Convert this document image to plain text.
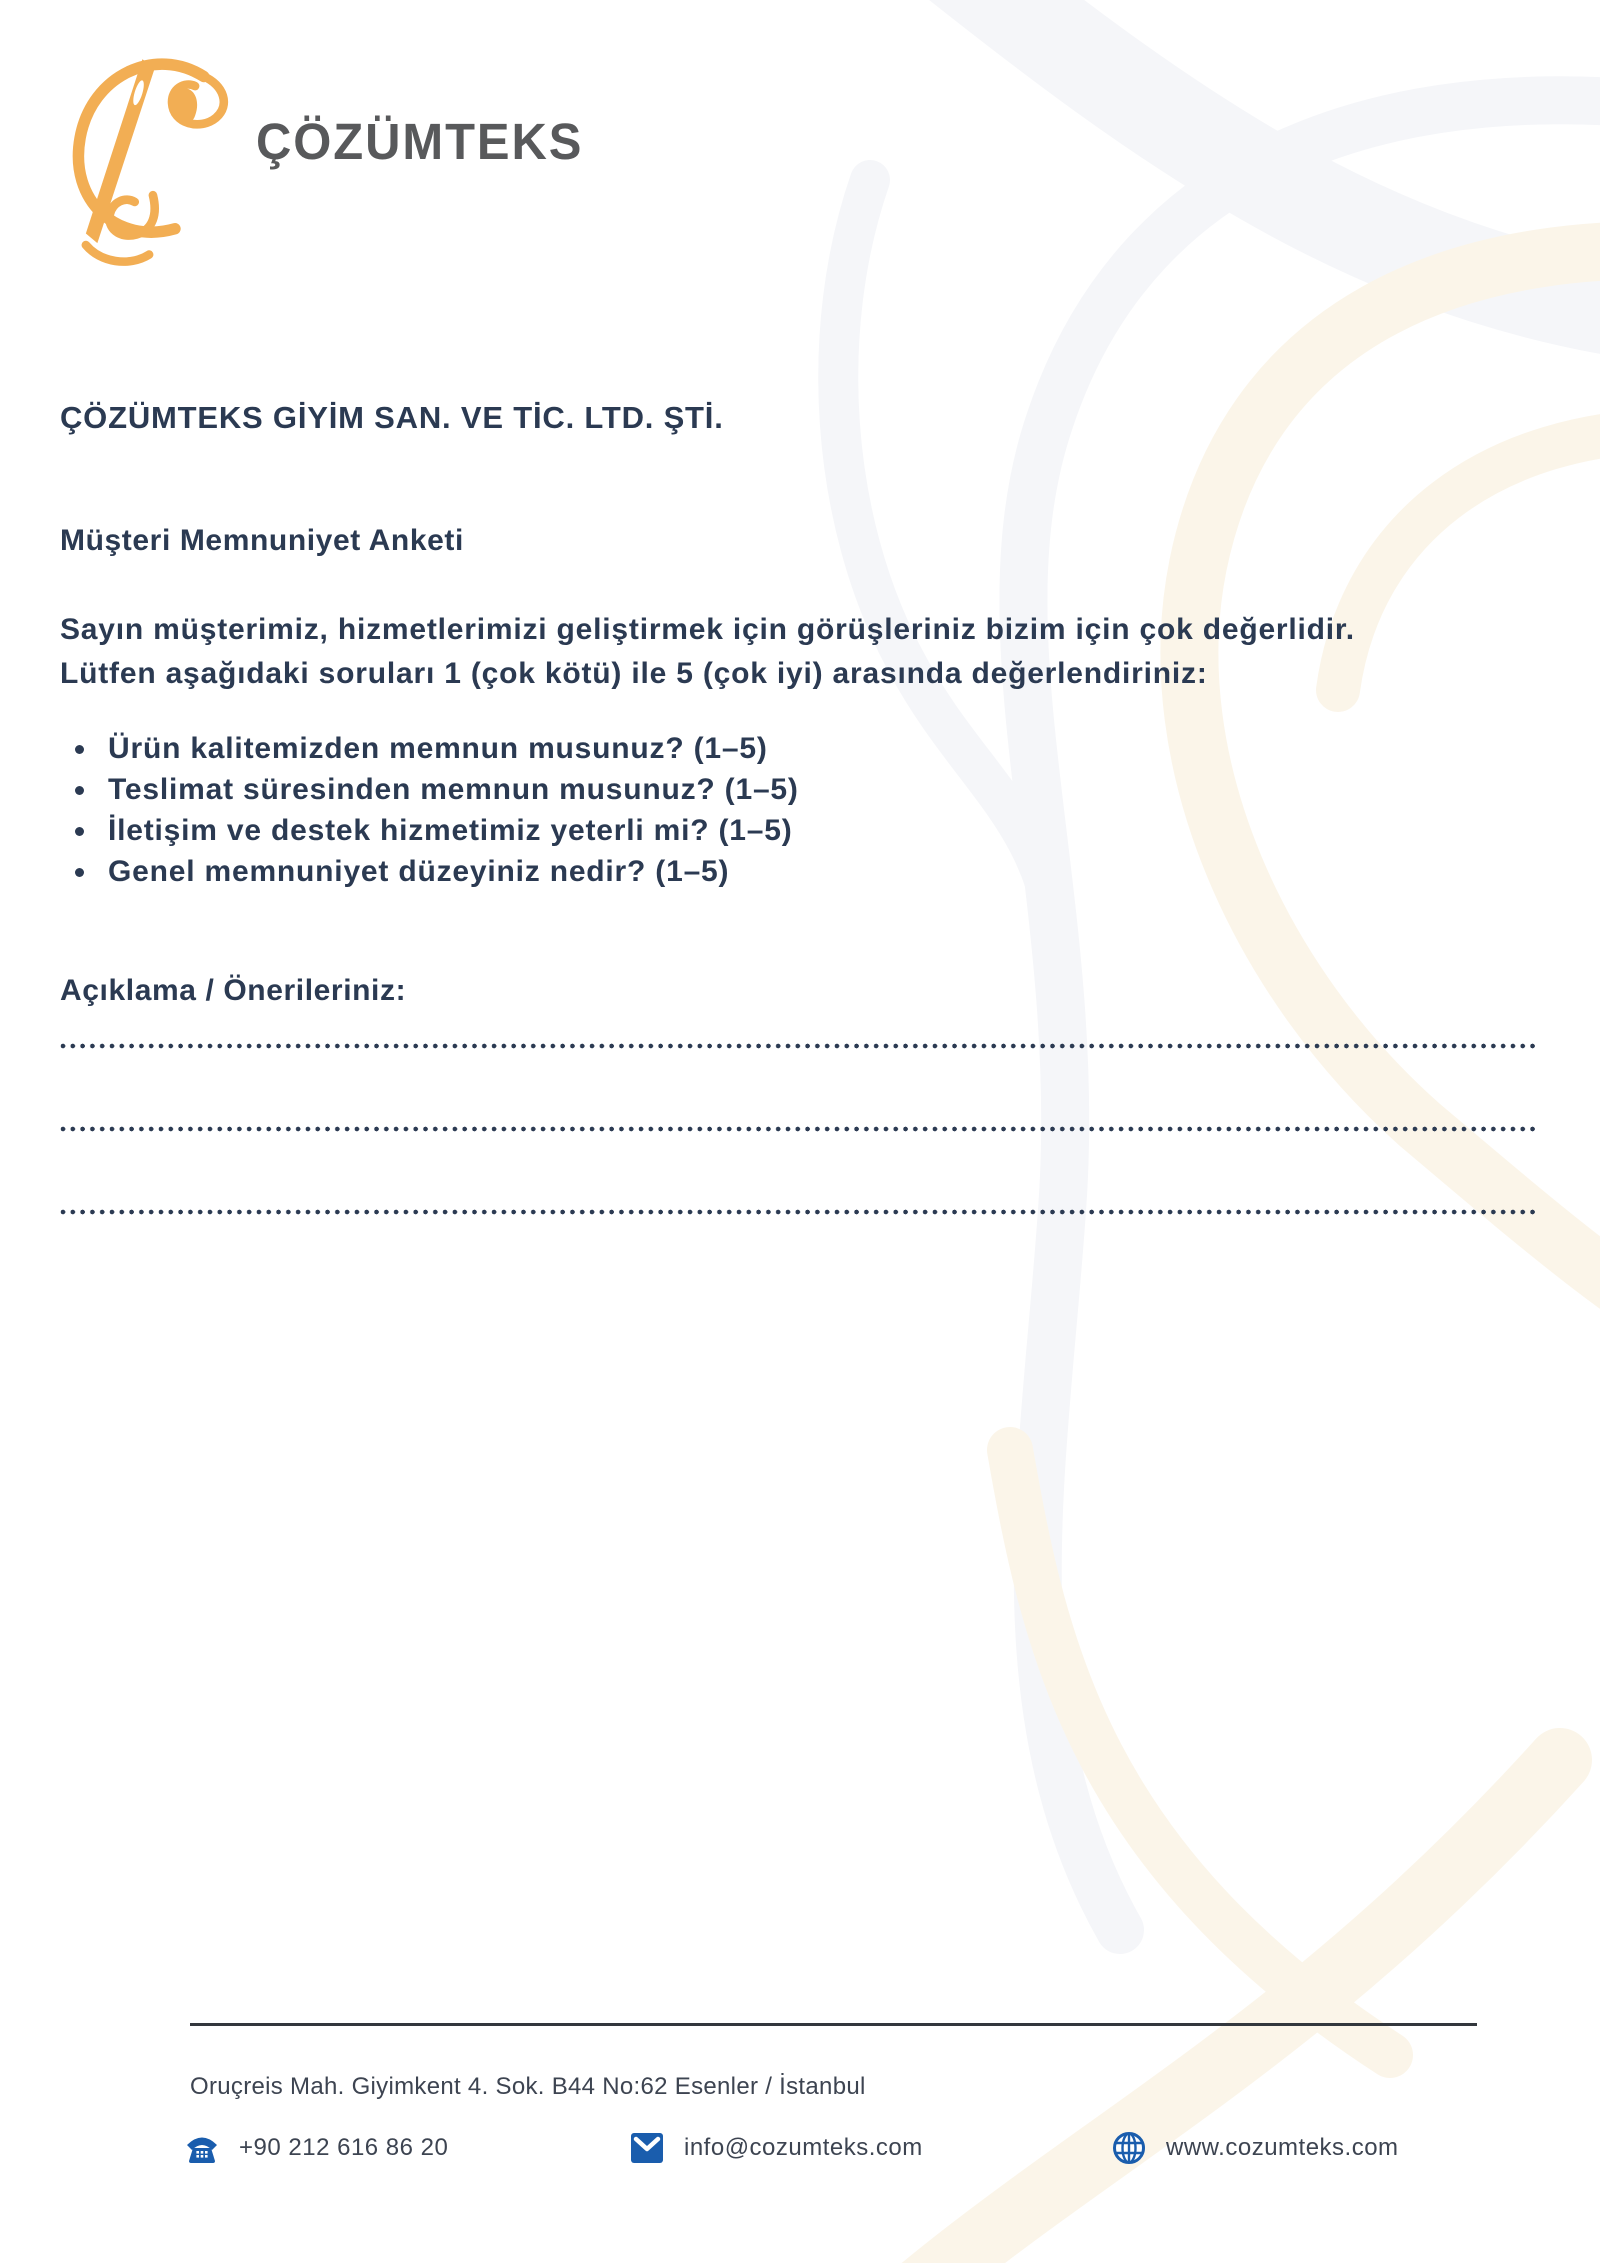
ÇÖZÜMTEKS
ÇÖZÜMTEKS GİYİM SAN. VE TİC. LTD. ŞTİ.
Müşteri Memnuniyet Anketi

Sayın müşterimiz, hizmetlerimizi geliştirmek için görüşleriniz bizim için çok değerlidir. Lütfen aşağıdaki soruları 1 (çok kötü) ile 5 (çok iyi) arasında değerlendiriniz:

Ürün kalitemizden memnun musunuz? (1–5)
Teslimat süresinden memnun musunuz? (1–5)
İletişim ve destek hizmetimiz yeterli mi? (1–5)
Genel memnuniyet düzeyiniz nedir? (1–5)
Açıklama / Önerileriniz:
Oruçreis Mah. Giyimkent 4. Sok. B44 No:62 Esenler / İstanbul
+90 212 616 86 20	info@cozumteks.com	www.cozumteks.com
